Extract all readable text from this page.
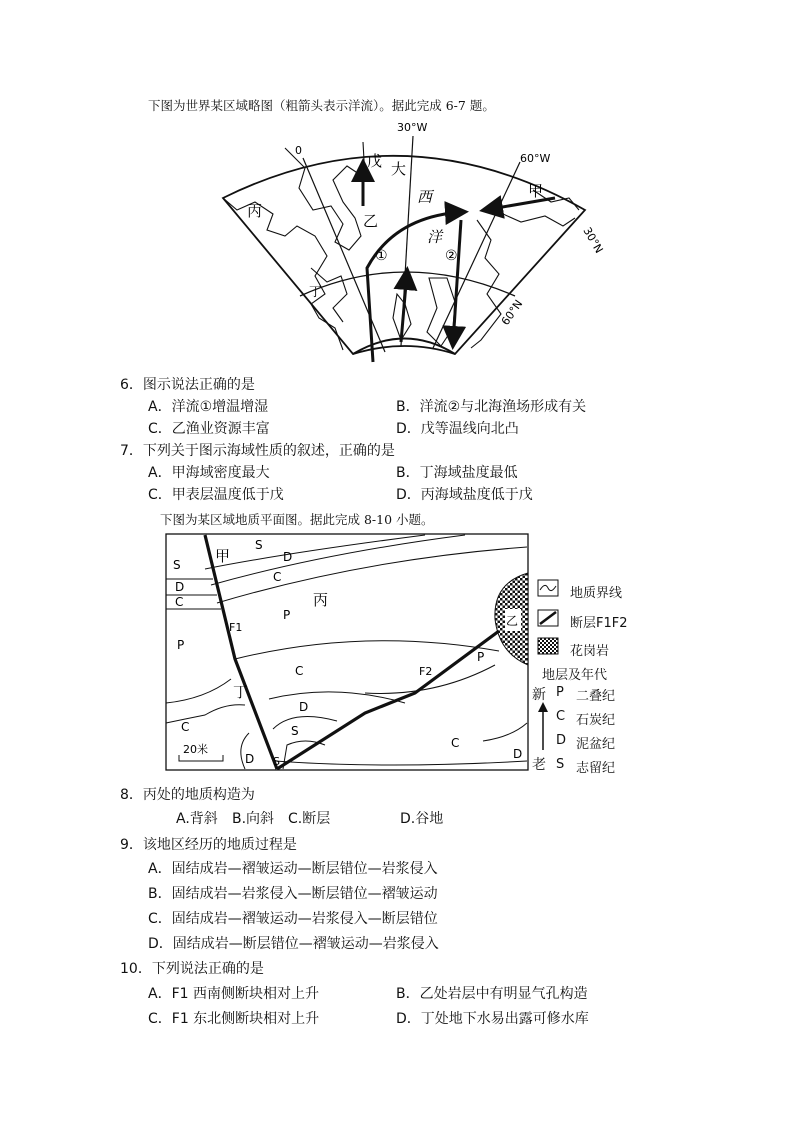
下图为世界某区域略图（粗箭头表示洋流）。据此完成 6-7 题。
30°W
0
60°W
30°N
60°N
戊 大
西
洋
甲
丙
乙
丁
①	②
6．图示说法正确的是
A．洋流①增温增湿	B．洋流②与北海渔场形成有关
C．乙渔业资源丰富	D．戊等温线向北凸
7．下列关于图示海域性质的叙述，正确的是
A．甲海域密度最大	B．丁海域盐度最低
C．甲表层温度低于戊	D．丙海域盐度低于戊
下图为某区域地质平面图。据此完成 8-10 小题。
20米
甲
丙
丁
乙
F1
F2
S
S
D
C
D
C
P
P
P
C
C
C
D
D	D
S
S
地质界线
断层F1F2
花岗岩
地层及年代
新
老
P 二叠纪
C 石炭纪
D 泥盆纪
S 志留纪
8．丙处的地质构造为
A.背斜 B.向斜 C.断层	D.谷地
9．该地区经历的地质过程是
A．固结成岩—褶皱运动—断层错位—岩浆侵入
B．固结成岩—岩浆侵入—断层错位—褶皱运动
C．固结成岩—褶皱运动—岩浆侵入—断层错位
D．固结成岩—断层错位—褶皱运动—岩浆侵入
10．下列说法正确的是
A．F1 西南侧断块相对上升	B．乙处岩层中有明显气孔构造
C．F1 东北侧断块相对上升	D．丁处地下水易出露可修水库
